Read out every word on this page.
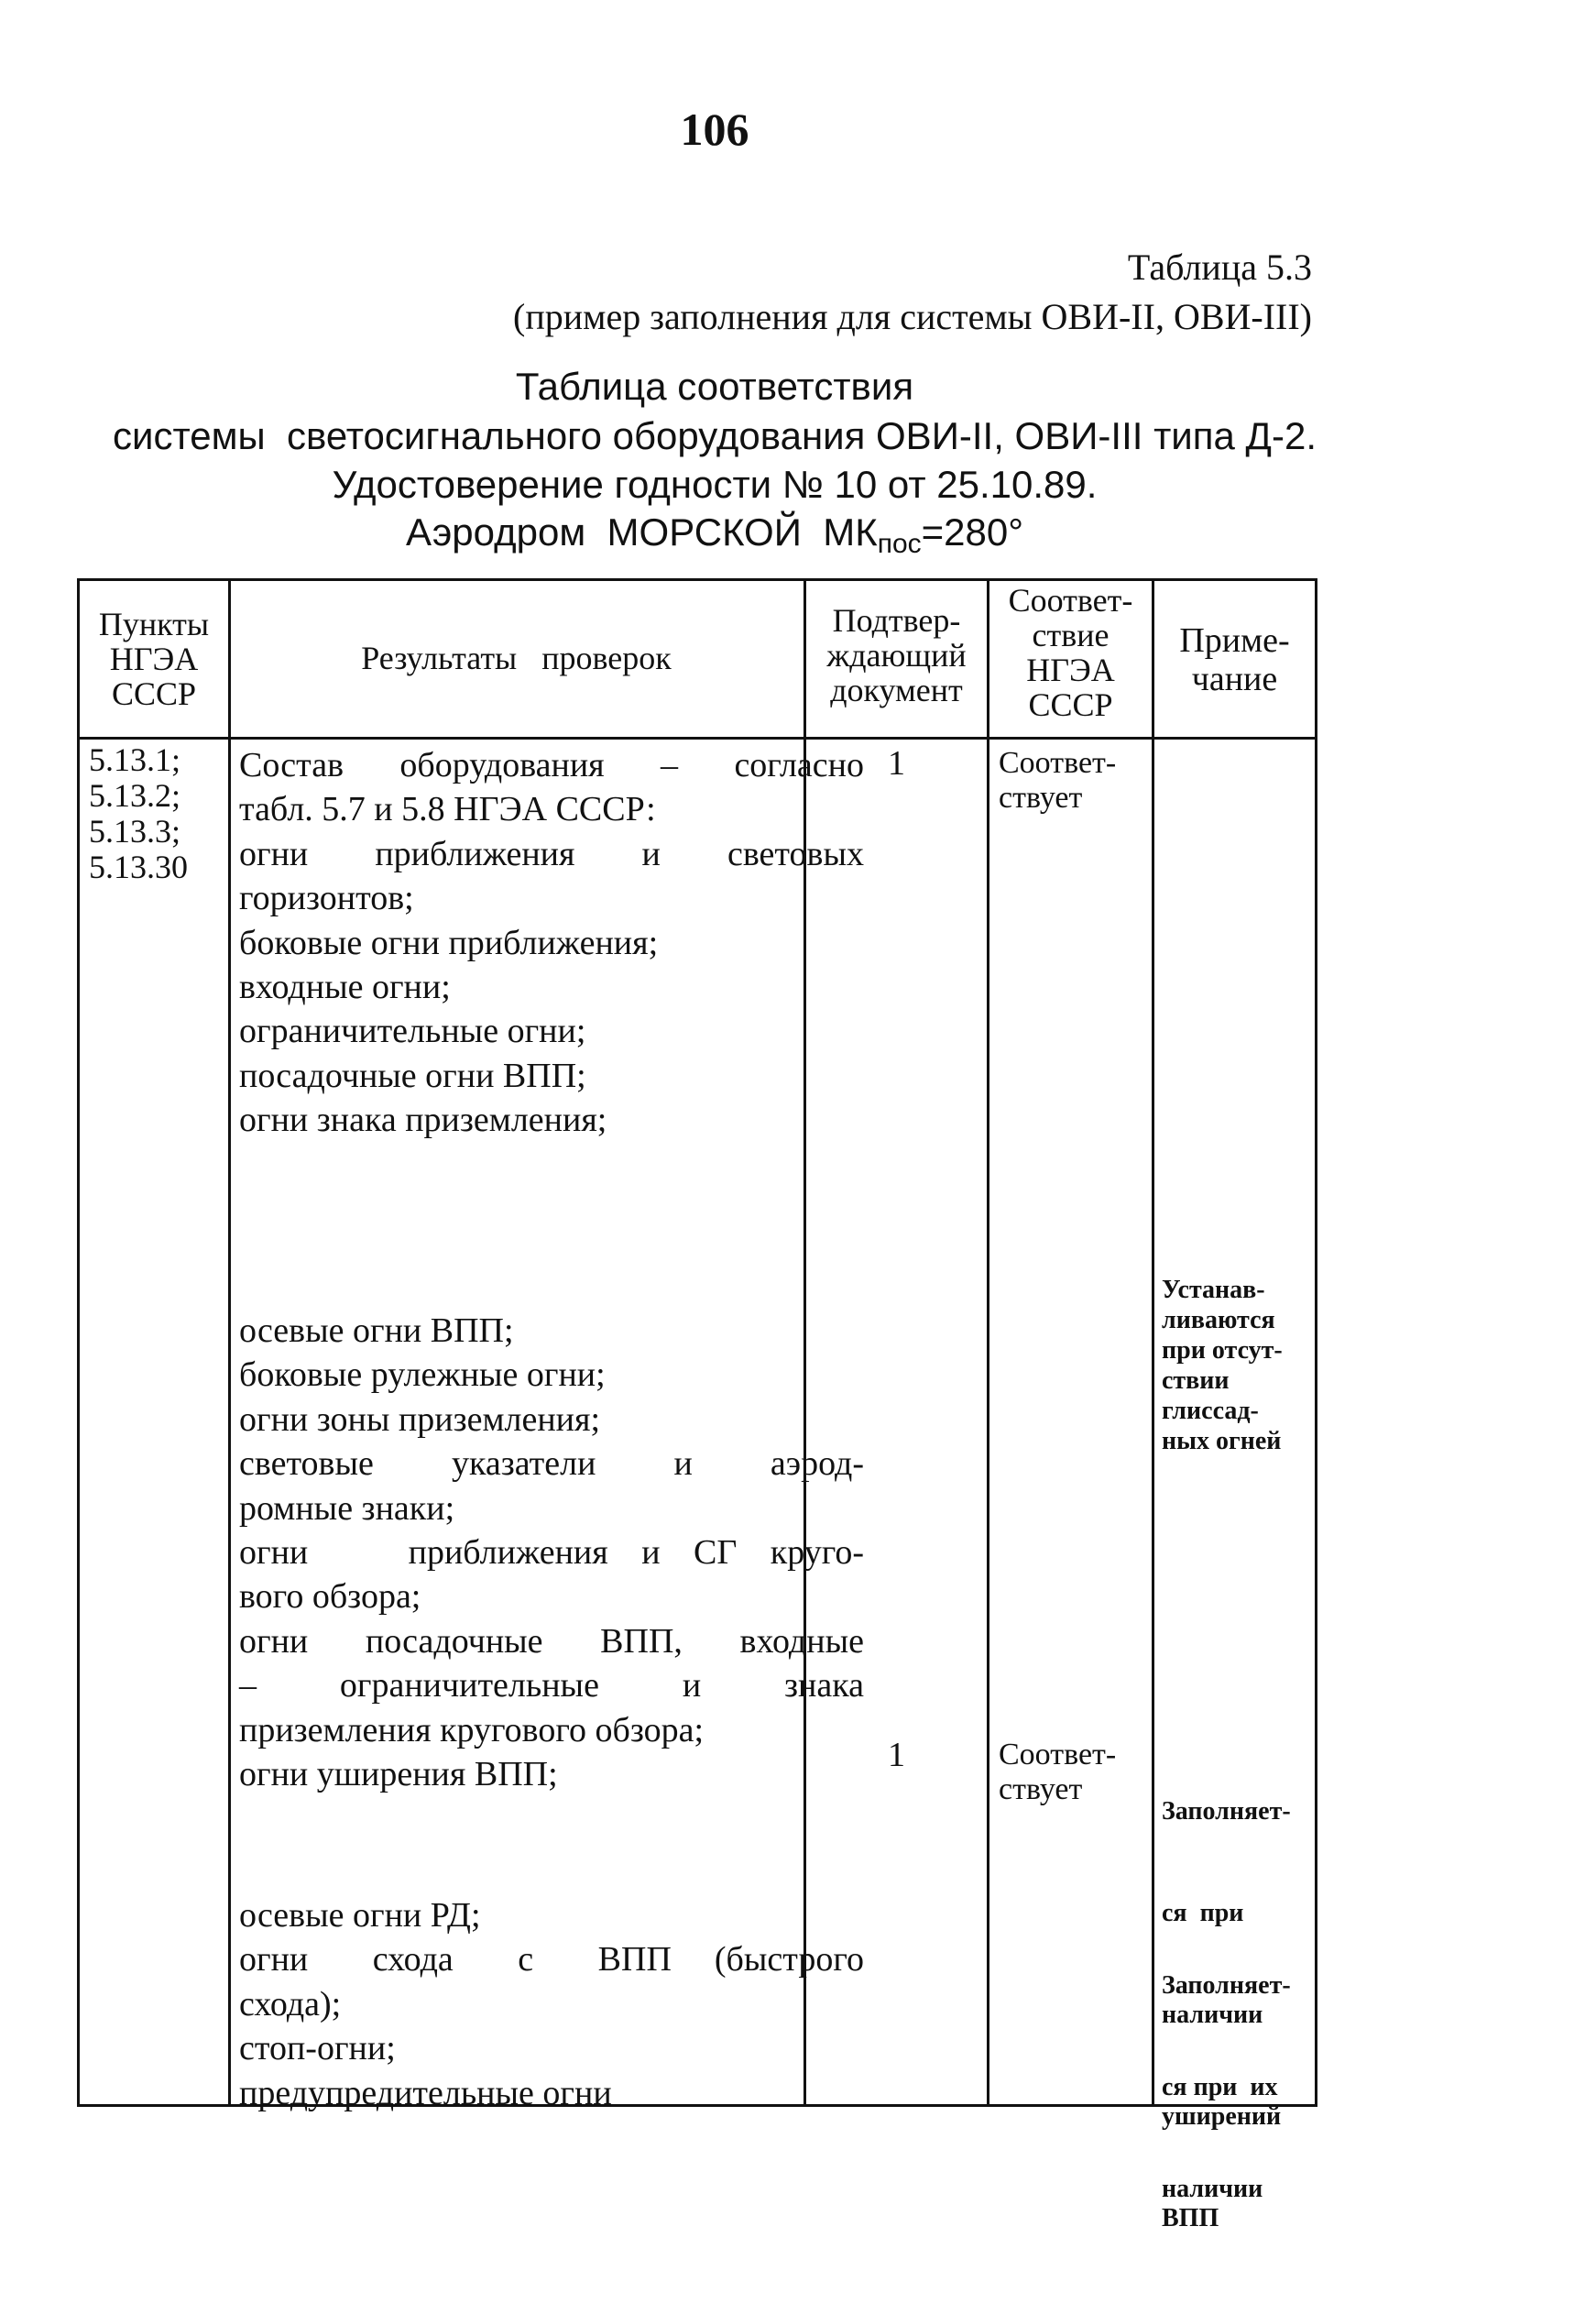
106
Таблица 5.3
(пример заполнения для системы ОВИ-II, ОВИ-III)
Таблица соответствия
системы  светосигнального оборудования ОВИ-II, ОВИ-III типа Д-2.
Удостоверение годности № 10 от 25.10.89.
Аэродром  МОРСКОЙ  $МК_{пос}=280^\circ$
Пункты
НГЭА
СССР
Результаты   проверок
Подтвер-
ждающий
документ
Соответ-
ствие
НГЭА
СССР
Приме-
чание
5.13.1;
5.13.2;
5.13.3;
5.13.30
Состав оборудования – согласно
табл. 5.7 и 5.8 НГЭА СССР:
огни приближения и световых
горизонтов;
боковые огни приближения;
входные огни;
ограничительные огни;
посадочные огни ВПП;
огни знака приземления;
осевые огни ВПП;
боковые рулежные огни;
огни зоны приземления;
световые   указатели   и   аэрод-
ромные знаки;
огни   приближения и СГ круго-
вого обзора;
огни посадочные ВПП, входные
–   ограничительные   и   знака
приземления кругового обзора;
огни уширения ВПП;
осевые огни РД;
огни   схода   с   ВПП  (быстрого
схода);
стоп-огни;
предупредительные огни
1
1
Соответ-
ствует
Соответ-
ствует
Устанав-
ливаются
при отсут-
ствии
глиссад-
ных огней

Заполняет-

ся  при

наличии

уширений

ВПП

Заполняет-

ся при  их

наличии
